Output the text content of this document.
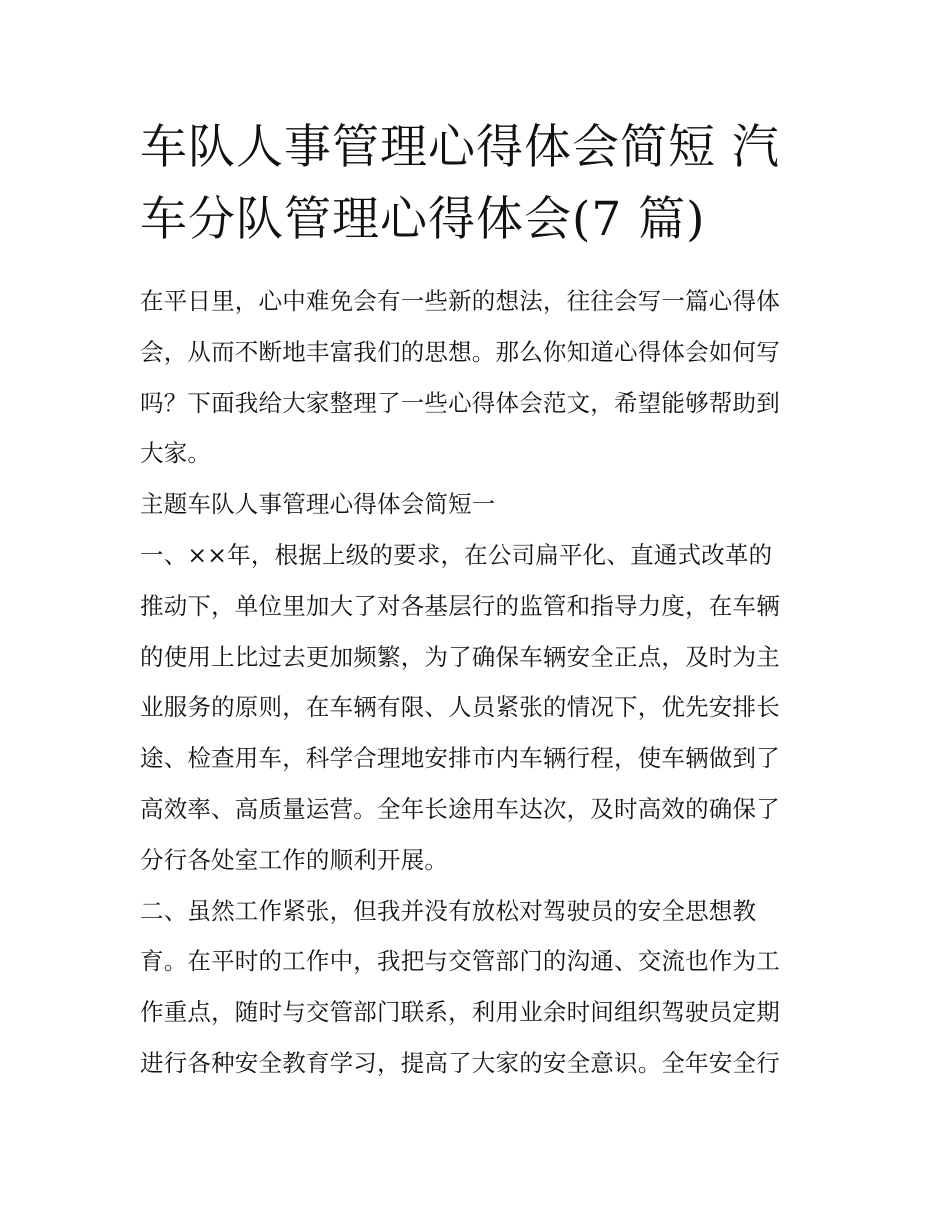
车队人事管理心得体会简短 汽
车分队管理心得体会(7 篇)
在平日里，心中难免会有一些新的想法，往往会写一篇心得体
会，从而不断地丰富我们的思想。那么你知道心得体会如何写
吗？下面我给大家整理了一些心得体会范文，希望能够帮助到
大家。
主题车队人事管理心得体会简短一
一、××年，根据上级的要求，在公司扁平化、直通式改革的
推动下，单位里加大了对各基层行的监管和指导力度，在车辆
的使用上比过去更加频繁，为了确保车辆安全正点，及时为主
业服务的原则，在车辆有限、人员紧张的情况下，优先安排长
途、检查用车，科学合理地安排市内车辆行程，使车辆做到了
高效率、高质量运营。全年长途用车达次，及时高效的确保了
分行各处室工作的顺利开展。
二、虽然工作紧张，但我并没有放松对驾驶员的安全思想教
育。在平时的工作中，我把与交管部门的沟通、交流也作为工
作重点，随时与交管部门联系，利用业余时间组织驾驶员定期
进行各种安全教育学习，提高了大家的安全意识。全年安全行
